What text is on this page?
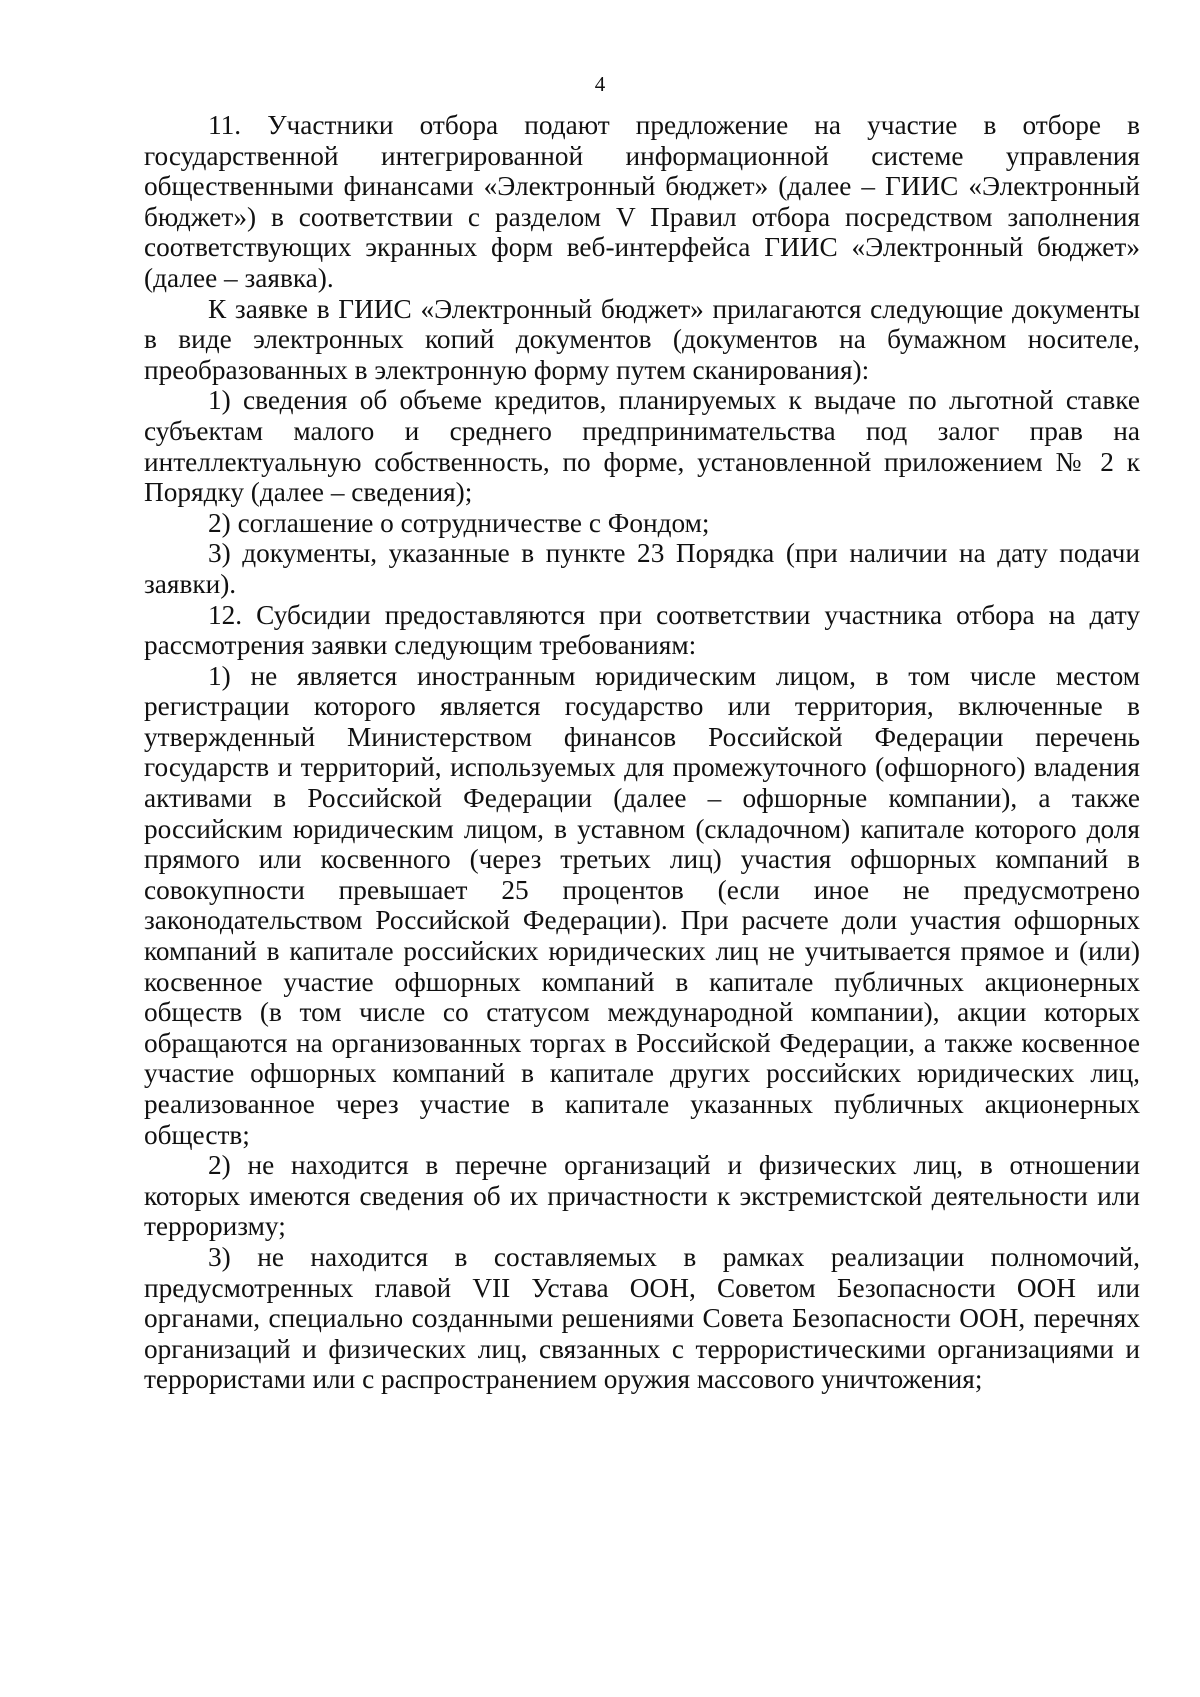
4

11. Участники отбора подают предложение на участие в отборе в государственной интегрированной информационной системе управления общественными финансами «Электронный бюджет» (далее – ГИИС «Электронный бюджет») в соответствии с разделом V Правил отбора посредством заполнения соответствующих экранных форм веб-интерфейса ГИИС «Электронный бюджет» (далее – заявка).

К заявке в ГИИС «Электронный бюджет» прилагаются следующие документы в виде электронных копий документов (документов на бумажном носителе, преобразованных в электронную форму путем сканирования):

1) сведения об объеме кредитов, планируемых к выдаче по льготной ставке субъектам малого и среднего предпринимательства под залог прав на интеллектуальную собственность, по форме, установленной приложением № 2 к Порядку (далее – сведения);

2) соглашение о сотрудничестве с Фондом;

3) документы, указанные в пункте 23 Порядка (при наличии на дату подачи заявки).

12. Субсидии предоставляются при соответствии участника отбора на дату рассмотрения заявки следующим требованиям:

1) не является иностранным юридическим лицом, в том числе местом регистрации которого является государство или территория, включенные в утвержденный Министерством финансов Российской Федерации перечень государств и территорий, используемых для промежуточного (офшорного) владения активами в Российской Федерации (далее – офшорные компании), а также российским юридическим лицом, в уставном (складочном) капитале которого доля прямого или косвенного (через третьих лиц) участия офшорных компаний в совокупности превышает 25 процентов (если иное не предусмотрено законодательством Российской Федерации). При расчете доли участия офшорных компаний в капитале российских юридических лиц не учитывается прямое и (или) косвенное участие офшорных компаний в капитале публичных акционерных обществ (в том числе со статусом международной компании), акции которых обращаются на организованных торгах в Российской Федерации, а также косвенное участие офшорных компаний в капитале других российских юридических лиц, реализованное через участие в капитале указанных публичных акционерных обществ;

2) не находится в перечне организаций и физических лиц, в отношении которых имеются сведения об их причастности к экстремистской деятельности или терроризму;

3) не находится в составляемых в рамках реализации полномочий, предусмотренных главой VII Устава ООН, Советом Безопасности ООН или органами, специально созданными решениями Совета Безопасности ООН, перечнях организаций и физических лиц, связанных с террористическими организациями и террористами или с распространением оружия массового уничтожения;
